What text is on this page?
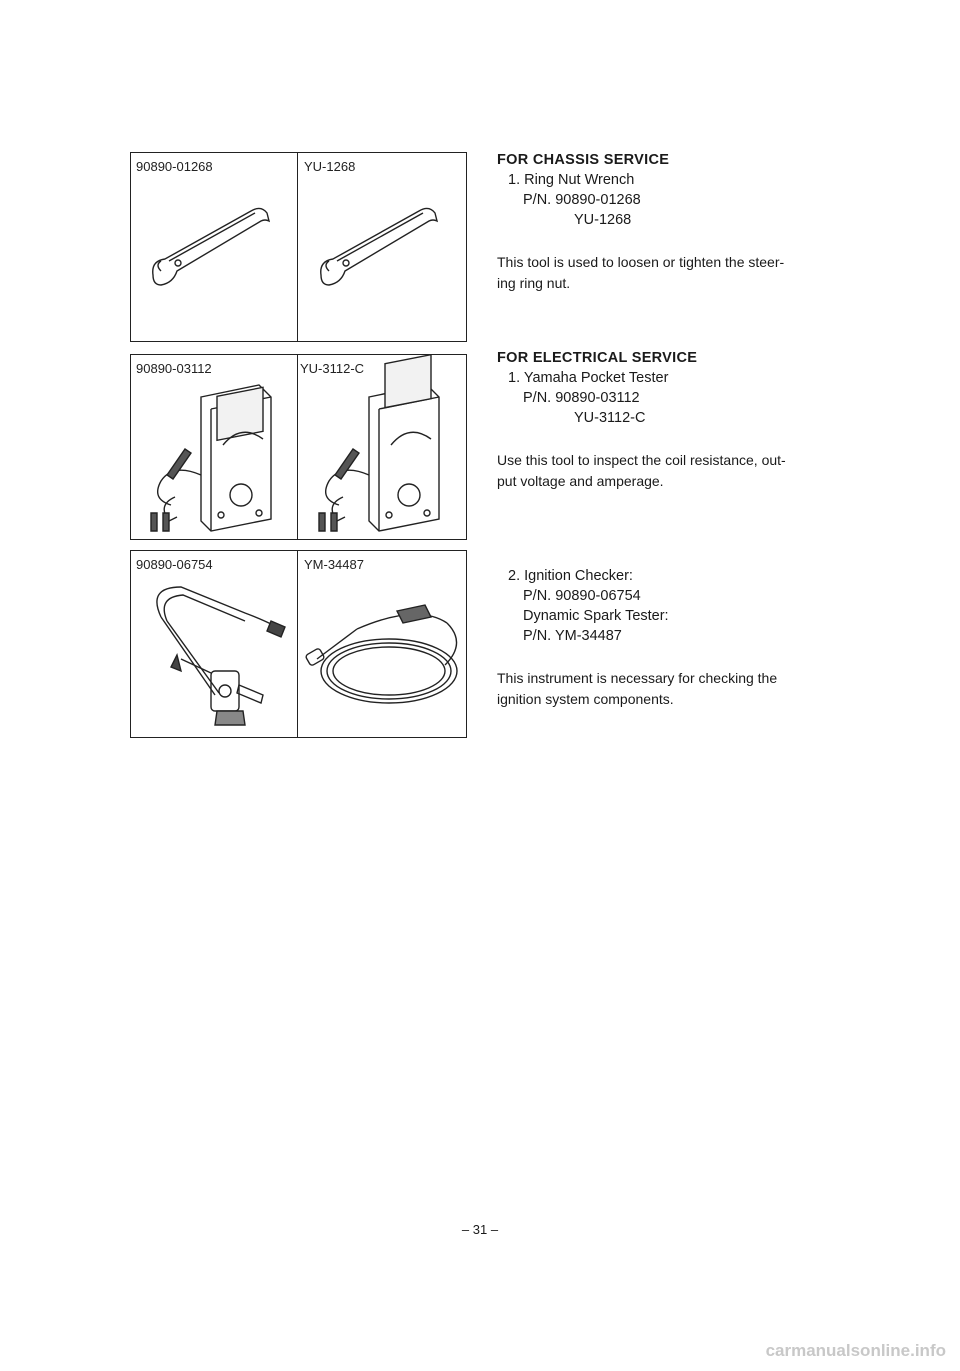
90890-01268	YU-1268
90890-03112	YU-3112-C
90890-06754	YM-34487
FOR CHASSIS SERVICE
1. Ring Nut Wrench
P/N. 90890-01268
YU-1268
This tool is used to loosen or tighten the steer-
ing ring nut.
FOR ELECTRICAL SERVICE
1. Yamaha Pocket Tester
P/N. 90890-03112
YU-3112-C
Use this tool to inspect the coil resistance, out-
put voltage and amperage.
2. Ignition Checker:
P/N. 90890-06754
Dynamic Spark Tester:
P/N. YM-34487
This instrument is necessary for checking the
ignition system components.
– 31 –
carmanualsonline.info
